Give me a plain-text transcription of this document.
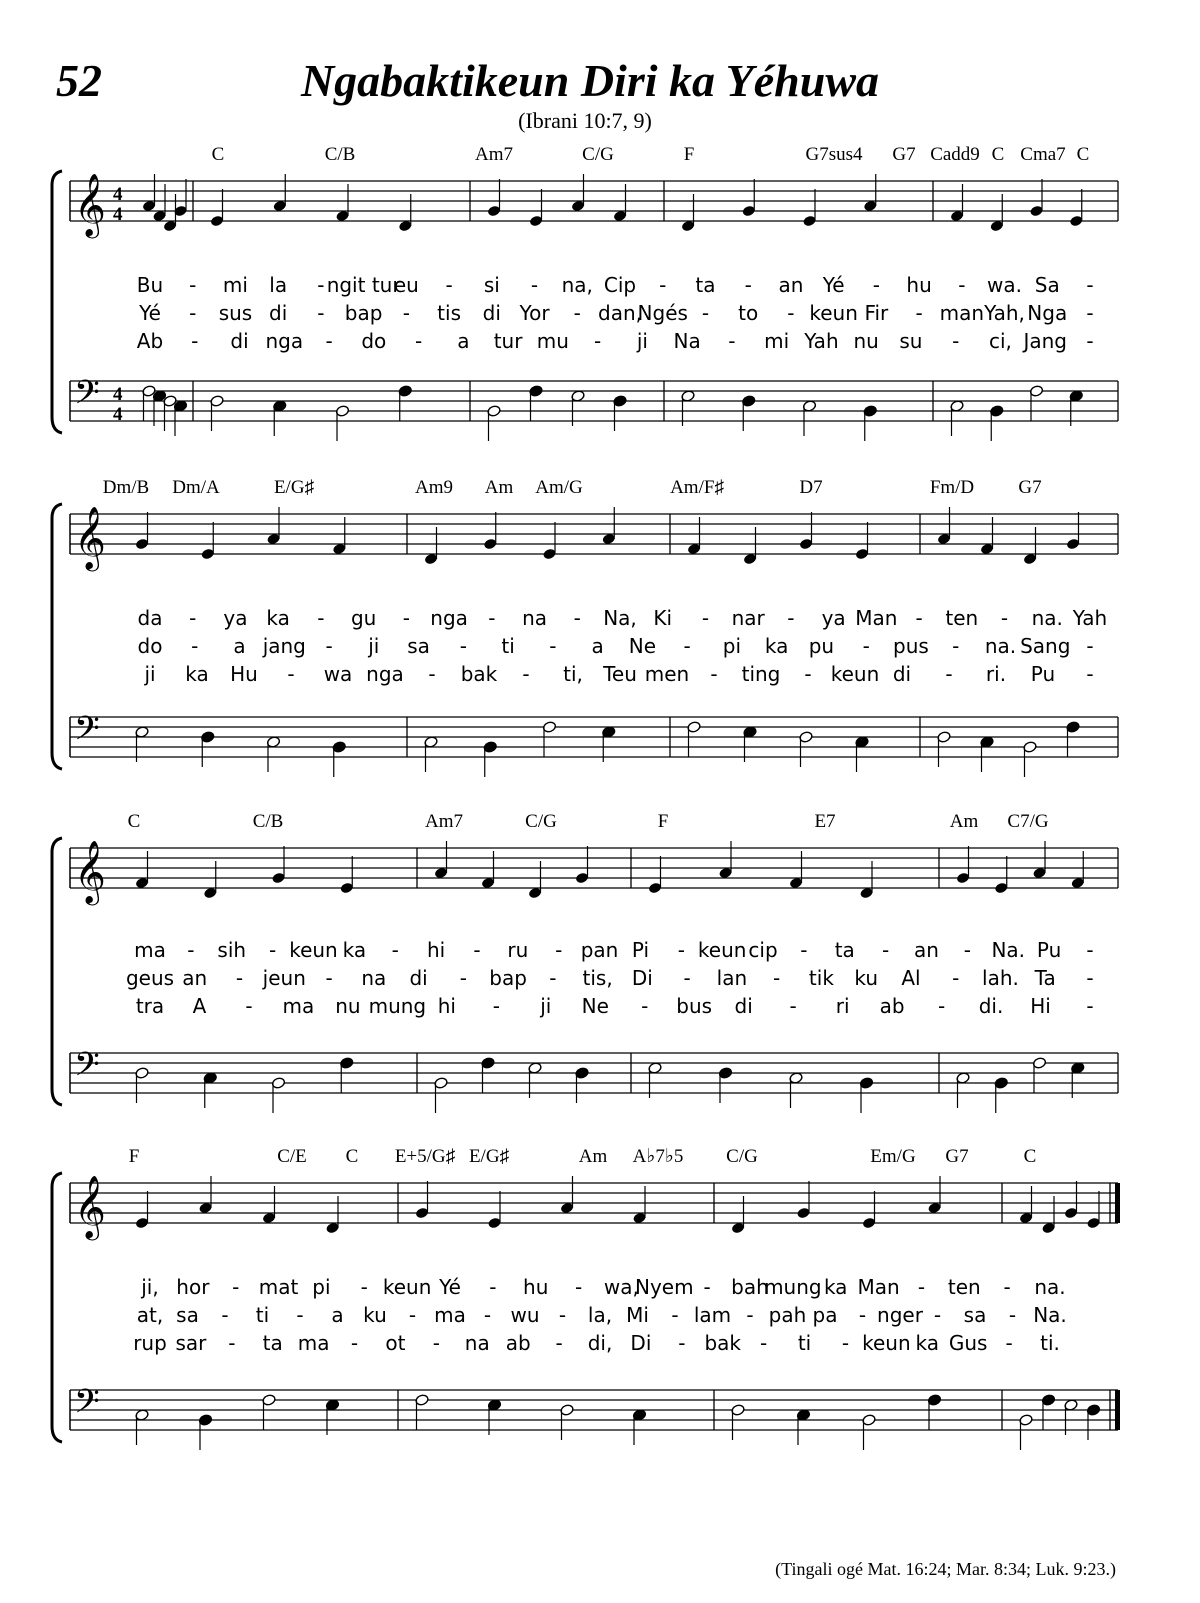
52	Ngabaktikeun Diri ka Yéhuwa
(Ibrani 10:7, 9)
C	C/B	Am7	C/G	F	G7sus4 G7 Cadd9 C Cma7 C
𝄞 4
4
𝄢 4
4
Bu - mi la - ngit tur
eu - si - na, Cip - ta - an Yé - hu - wa. Sa -
Yé - sus di - bap - tis di Yor - dan,
Ngés - to - keun Fir - man Yah, Nga -
Ab - di nga - do - a tur mu - ji Na - mi Yah nu su - ci, Jang -
Dm/B Dm/A	E/G♯	Am9 Am Am/G	Am/F♯	D7	Fm/D G7
𝄞
𝄢
da - ya ka - gu - nga - na - Na, Ki - nar - ya Man - ten - na. Yah
do - a jang - ji sa - ti - a Ne - pi ka pu - pus - na. Sang -
ji ka Hu - wa nga - bak - ti, Teu men - ting - keun di - ri. Pu -
C	C/B	Am7	C/G	F	E7	Am C7/G
𝄞
𝄢
ma - sih - keun ka - hi - ru - pan Pi - keun cip - ta - an - Na. Pu -
geus an - jeun - na di - bap - tis, Di - lan - tik ku Al - lah. Ta -
tra A - ma nu mung hi - ji Ne - bus di - ri ab - di. Hi -
F	C/E C E+5/G♯ E/G♯	Am A♭7♭5 C/G	Em/G G7	C
𝄞
𝄢
ji, hor - mat pi - keun Yé - hu - wa,
Nyem - bah
mung ka Man - ten - na.
at, sa - ti - a ku - ma - wu - la, Mi - lam - pah pa - nger - sa - Na.
rup sar - ta ma - ot - na ab - di, Di - bak - ti - keun ka Gus - ti.
(Tingali ogé Mat. 16:24; Mar. 8:34; Luk. 9:23.)
